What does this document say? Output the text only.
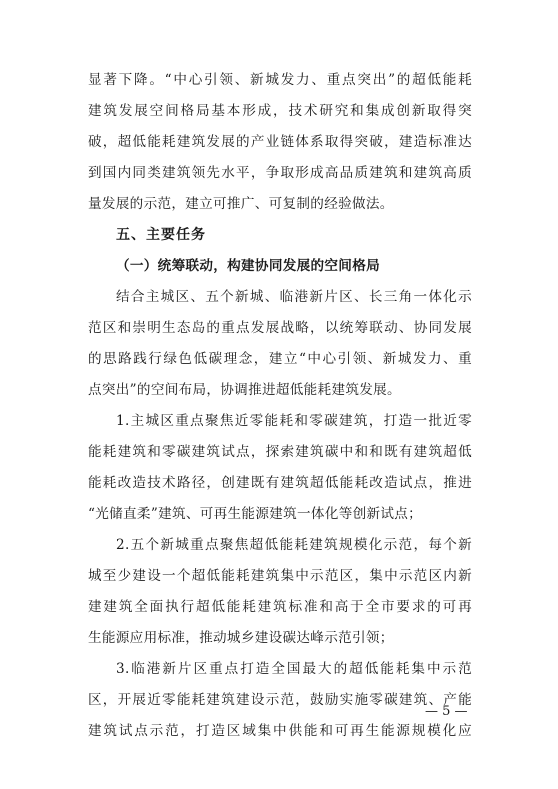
显著下降。“中心引领、新城发力、重点突出”的超低能耗
建筑发展空间格局基本形成，技术研究和集成创新取得突
破，超低能耗建筑发展的产业链体系取得突破，建造标准达
到国内同类建筑领先水平，争取形成高品质建筑和建筑高质
量发展的示范，建立可推广、可复制的经验做法。
五、主要任务
（一）统筹联动，构建协同发展的空间格局
结合主城区、五个新城、临港新片区、长三角一体化示
范区和崇明生态岛的重点发展战略，以统筹联动、协同发展
的思路践行绿色低碳理念，建立“中心引领、新城发力、重
点突出”的空间布局，协调推进超低能耗建筑发展。
1.主城区重点聚焦近零能耗和零碳建筑，打造一批近零
能耗建筑和零碳建筑试点，探索建筑碳中和和既有建筑超低
能耗改造技术路径，创建既有建筑超低能耗改造试点，推进
“光储直柔”建筑、可再生能源建筑一体化等创新试点；
2.五个新城重点聚焦超低能耗建筑规模化示范，每个新
城至少建设一个超低能耗建筑集中示范区，集中示范区内新
建建筑全面执行超低能耗建筑标准和高于全市要求的可再
生能源应用标准，推动城乡建设碳达峰示范引领；
3.临港新片区重点打造全国最大的超低能耗集中示范
区，开展近零能耗建筑建设示范，鼓励实施零碳建筑、产能
建筑试点示范，打造区域集中供能和可再生能源规模化应
— 5 —
